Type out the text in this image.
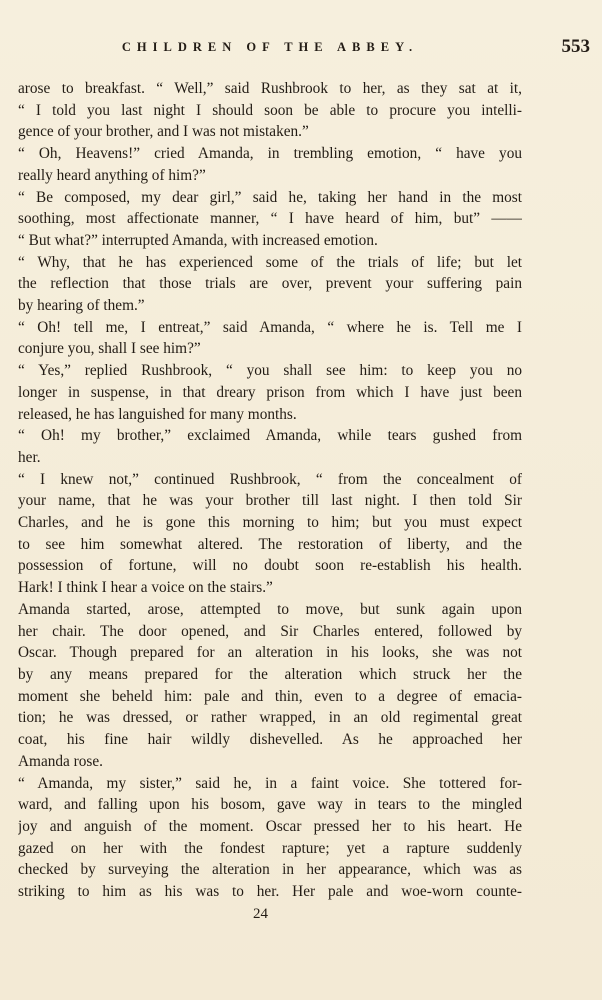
CHILDREN OF THE ABBEY.	553
arose to breakfast. “ Well,” said Rushbrook to her, as they sat at it,
“ I told you last night I should soon be able to procure you intelli-
gence of your brother, and I was not mistaken.”
“ Oh, Heavens!” cried Amanda, in trembling emotion, “ have you
really heard anything of him?”
“ Be composed, my dear girl,” said he, taking her hand in the most
soothing, most affectionate manner, “ I have heard of him, but” ——
“ But what?” interrupted Amanda, with increased emotion.
“ Why, that he has experienced some of the trials of life; but let
the reflection that those trials are over, prevent your suffering pain
by hearing of them.”
“ Oh! tell me, I entreat,” said Amanda, “ where he is. Tell me I
conjure you, shall I see him?”
“ Yes,” replied Rushbrook, “ you shall see him: to keep you no
longer in suspense, in that dreary prison from which I have just been
released, he has languished for many months.
“ Oh! my brother,” exclaimed Amanda, while tears gushed from
her.
“ I knew not,” continued Rushbrook, “ from the concealment of
your name, that he was your brother till last night. I then told Sir
Charles, and he is gone this morning to him; but you must expect
to see him somewhat altered. The restoration of liberty, and the
possession of fortune, will no doubt soon re-establish his health.
Hark! I think I hear a voice on the stairs.”
Amanda started, arose, attempted to move, but sunk again upon
her chair. The door opened, and Sir Charles entered, followed by
Oscar. Though prepared for an alteration in his looks, she was not
by any means prepared for the alteration which struck her the
moment she beheld him: pale and thin, even to a degree of emacia-
tion; he was dressed, or rather wrapped, in an old regimental great
coat, his fine hair wildly dishevelled. As he approached her
Amanda rose.
“ Amanda, my sister,” said he, in a faint voice. She tottered for-
ward, and falling upon his bosom, gave way in tears to the mingled
joy and anguish of the moment. Oscar pressed her to his heart. He
gazed on her with the fondest rapture; yet a rapture suddenly
checked by surveying the alteration in her appearance, which was as
striking to him as his was to her. Her pale and woe-worn counte-
24
